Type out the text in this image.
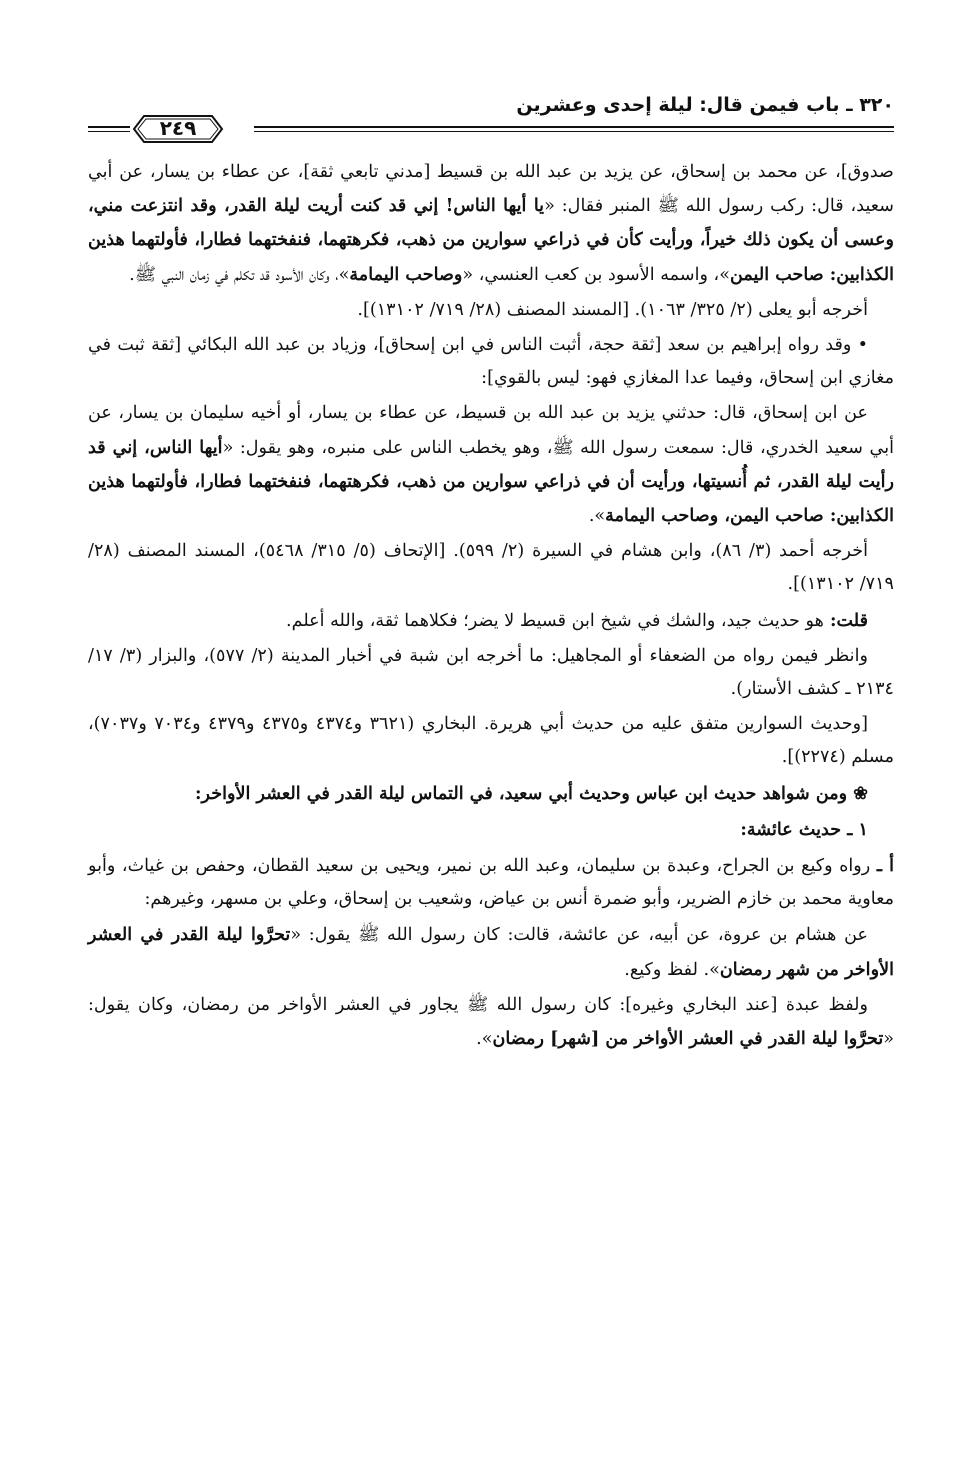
٣٢٠ ـ باب فيمن قال: ليلة إحدى وعشرين
٢٤٩

صدوق]، عن محمد بن إسحاق، عن يزيد بن عبد الله بن قسيط [مدني تابعي ثقة]، عن عطاء بن يسار، عن أبي سعيد، قال: ركب رسول الله ﷺ المنبر فقال: «يا أيها الناس! إني قد كنت أريت ليلة القدر، وقد انتزعت مني، وعسى أن يكون ذلك خيراً، ورأيت كأن في ذراعي سوارين من ذهب، فكرهتهما، فنفختهما فطارا، فأولتهما هذين الكذابين: صاحب اليمن»، واسمه الأسود بن كعب العنسي، «وصاحب اليمامة»، وكان الأسود قد تكلم في زمان النبي ﷺ.

أخرجه أبو يعلى (٢/ ٣٢٥/ ١٠٦٣). [المسند المصنف (٢٨/ ٧١٩/ ١٣١٠٢)].

• وقد رواه إبراهيم بن سعد [ثقة حجة، أثبت الناس في ابن إسحاق]، وزياد بن عبد الله البكائي [ثقة ثبت في مغازي ابن إسحاق، وفيما عدا المغازي فهو: ليس بالقوي]:

عن ابن إسحاق، قال: حدثني يزيد بن عبد الله بن قسيط، عن عطاء بن يسار، أو أخيه سليمان بن يسار، عن أبي سعيد الخدري، قال: سمعت رسول الله ﷺ، وهو يخطب الناس على منبره، وهو يقول: «أيها الناس، إني قد رأيت ليلة القدر، ثم أُنسيتها، ورأيت أن في ذراعي سوارين من ذهب، فكرهتهما، فنفختهما فطارا، فأولتهما هذين الكذابين: صاحب اليمن، وصاحب اليمامة».

أخرجه أحمد (٣/ ٨٦)، وابن هشام في السيرة (٢/ ٥٩٩). [الإتحاف (٥/ ٣١٥/ ٥٤٦٨)، المسند المصنف (٢٨/ ٧١٩/ ١٣١٠٢)].

قلت: هو حديث جيد، والشك في شيخ ابن قسيط لا يضر؛ فكلاهما ثقة، والله أعلم.

وانظر فيمن رواه من الضعفاء أو المجاهيل: ما أخرجه ابن شبة في أخبار المدينة (٢/ ٥٧٧)، والبزار (٣/ ١٧/ ٢١٣٤ ـ كشف الأستار).

[وحديث السوارين متفق عليه من حديث أبي هريرة. البخاري (٣٦٢١ و٤٣٧٤ و٤٣٧٥ و٤٣٧٩ و٧٠٣٤ و٧٠٣٧)، مسلم (٢٢٧٤)].

❀ ومن شواهد حديث ابن عباس وحديث أبي سعيد، في التماس ليلة القدر في العشر الأواخر:

١ ـ حديث عائشة:

أ ـ رواه وكيع بن الجراح، وعبدة بن سليمان، وعبد الله بن نمير، ويحيى بن سعيد القطان، وحفص بن غياث، وأبو معاوية محمد بن خازم الضرير، وأبو ضمرة أنس بن عياض، وشعيب بن إسحاق، وعلي بن مسهر، وغيرهم:

عن هشام بن عروة، عن أبيه، عن عائشة، قالت: كان رسول الله ﷺ يقول: «تحرَّوا ليلة القدر في العشر الأواخر من شهر رمضان». لفظ وكيع.

ولفظ عبدة [عند البخاري وغيره]: كان رسول الله ﷺ يجاور في العشر الأواخر من رمضان، وكان يقول: «تحرَّوا ليلة القدر في العشر الأواخر من [شهر] رمضان».
